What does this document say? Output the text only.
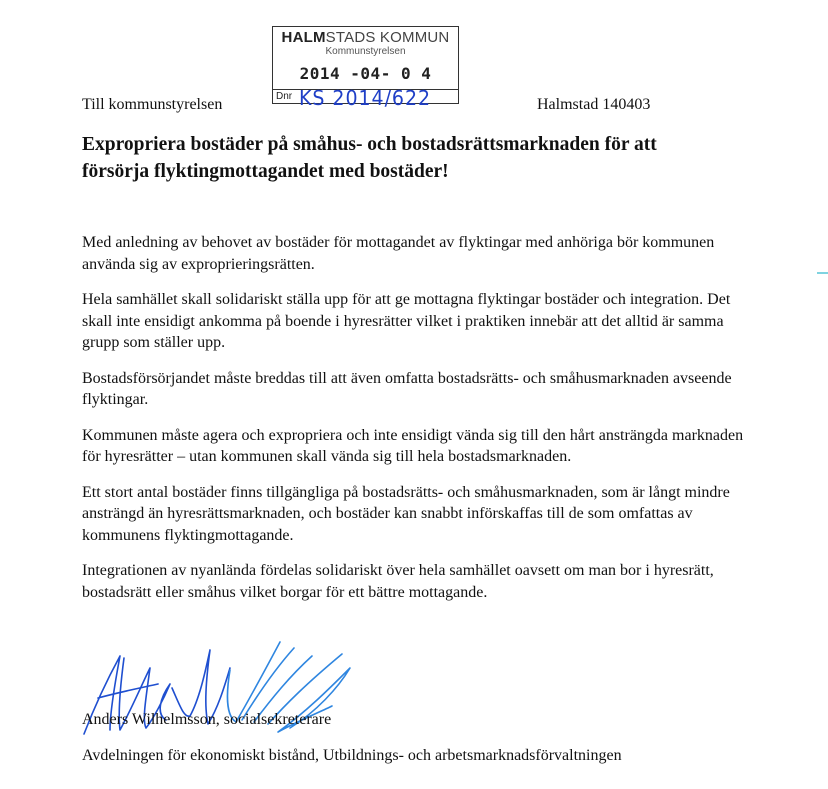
HALMSTADS KOMMUN
Kommunstyrelsen
2014 -04- 0 4
Dnr KS 2014/622
Till kommunstyrelsen	Halmstad 140403
Expropriera bostäder på småhus- och bostadsrättsmarknaden för att försörja flyktingmottagandet med bostäder!

Med anledning av behovet av bostäder för mottagandet av flyktingar med anhöriga bör kommunen använda sig av exproprieringsrätten.

Hela samhället skall solidariskt ställa upp för att ge mottagna flyktingar bostäder och integration. Det skall inte ensidigt ankomma på boende i hyresrätter vilket i praktiken innebär att det alltid är samma grupp som ställer upp.

Bostadsförsörjandet måste breddas till att även omfatta bostadsrätts- och småhusmarknaden avseende flyktingar.

Kommunen måste agera och expropriera och inte ensidigt vända sig till den hårt ansträngda marknaden för hyresrätter – utan kommunen skall vända sig till hela bostadsmarknaden.

Ett stort antal bostäder finns tillgängliga på bostadsrätts- och småhusmarknaden, som är långt mindre ansträngd än hyresrättsmarknaden, och bostäder kan snabbt införskaffas till de som omfattas av kommunens flyktingmottagande.

Integrationen av nyanlända fördelas solidariskt över hela samhället oavsett om man bor i hyresrätt, bostadsrätt eller småhus vilket borgar för ett bättre mottagande.

Anders Wilhelmsson, socialsekreterare
Avdelningen för ekonomiskt bistånd, Utbildnings- och arbetsmarknadsförvaltningen
